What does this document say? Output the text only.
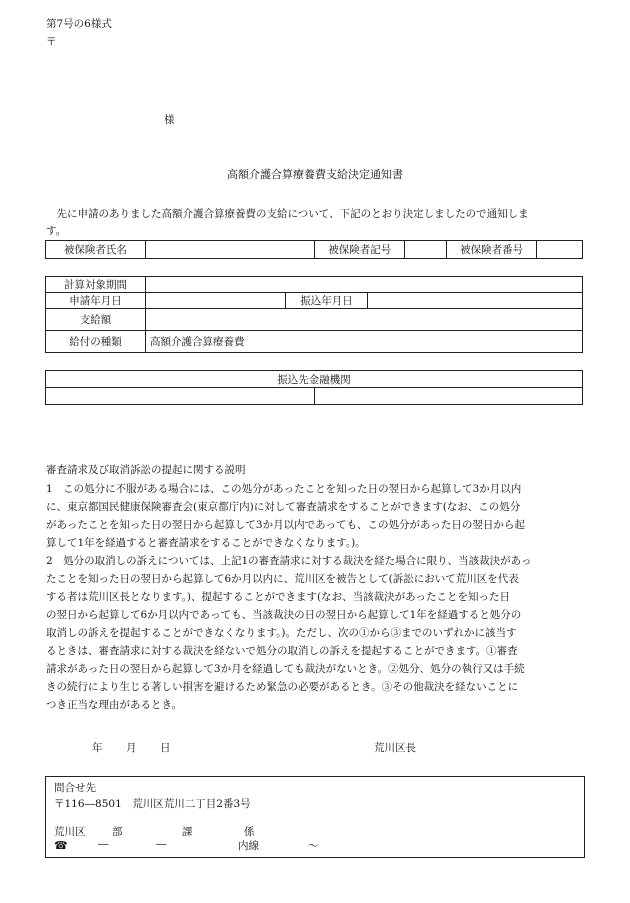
第7号の6様式
〒
様
高額介護合算療養費支給決定通知書
　先に申請のありました高額介護合算療養費の支給について、下記のとおり決定しましたので通知しま
す。
被保険者氏名		被保険者記号		被保険者番号	
計算対象期間			
申請年月日		振込年月日	
支給額			
給付の種類	高額介護合算療養費		
振込先金融機関

審査請求及び取消訴訟の提起に関する説明
1　この処分に不服がある場合には、この処分があったことを知った日の翌日から起算して3か月以内
に、東京都国民健康保険審査会(東京都庁内)に対して審査請求をすることができます(なお、この処分
があったことを知った日の翌日から起算して3か月以内であっても、この処分があった日の翌日から起
算して1年を経過すると審査請求をすることができなくなります。)。
2　処分の取消しの訴えについては、上記1の審査請求に対する裁決を経た場合に限り、当該裁決があっ
たことを知った日の翌日から起算して6か月以内に、荒川区を被告として(訴訟において荒川区を代表
する者は荒川区長となります。)、提起することができます(なお、当該裁決があったことを知った日
の翌日から起算して6か月以内であっても、当該裁決の日の翌日から起算して1年を経過すると処分の
取消しの訴えを提起することができなくなります。)。ただし、次の①から③までのいずれかに該当す
るときは、審査請求に対する裁決を経ないで処分の取消しの訴えを提起することができます。①審査
請求があった日の翌日から起算して3か月を経過しても裁決がないとき。②処分、処分の執行又は手続
きの続行により生じる著しい損害を避けるため緊急の必要があるとき。③その他裁決を経ないことに
つき正当な理由があるとき。
年 月 日	荒川区長
問合せ先
〒116―8501　荒川区荒川二丁目2番3号
荒川区	部	課	係
☎	―	―	内線	〜
